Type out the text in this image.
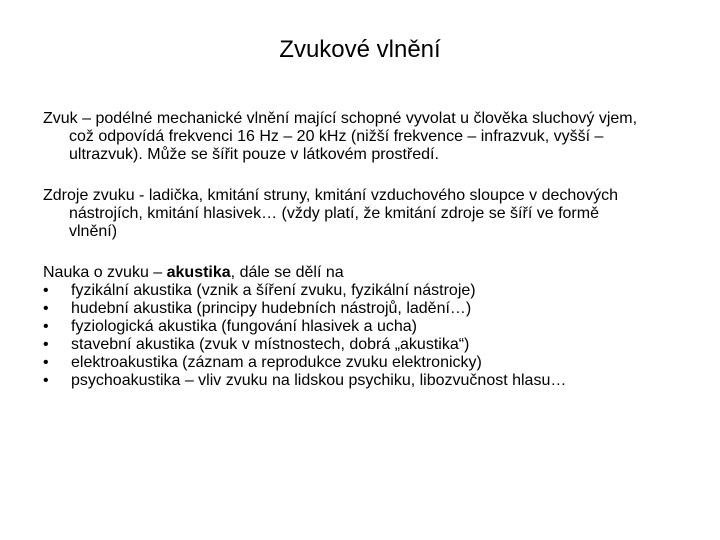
Zvukové vlnění
Zvuk – podélné mechanické vlnění mající schopné vyvolat u člověka sluchový vjem,
což odpovídá frekvenci 16 Hz – 20 kHz (nižší frekvence – infrazvuk, vyšší –
ultrazvuk). Může se šířit pouze v látkovém prostředí.
Zdroje zvuku - ladička, kmitání struny, kmitání vzduchového sloupce v dechových
nástrojích, kmitání hlasivek… (vždy platí, že kmitání zdroje se šíří ve formě
vlnění)
Nauka o zvuku – akustika, dále se dělí na
•	fyzikální akustika (vznik a šíření zvuku, fyzikální nástroje)
•	hudební akustika (principy hudebních nástrojů, ladění…)
•	fyziologická akustika (fungování hlasivek a ucha)
•	stavební akustika (zvuk v místnostech, dobrá „akustika“)
•	elektroakustika (záznam a reprodukce zvuku elektronicky)
•	psychoakustika – vliv zvuku na lidskou psychiku, libozvučnost hlasu…
